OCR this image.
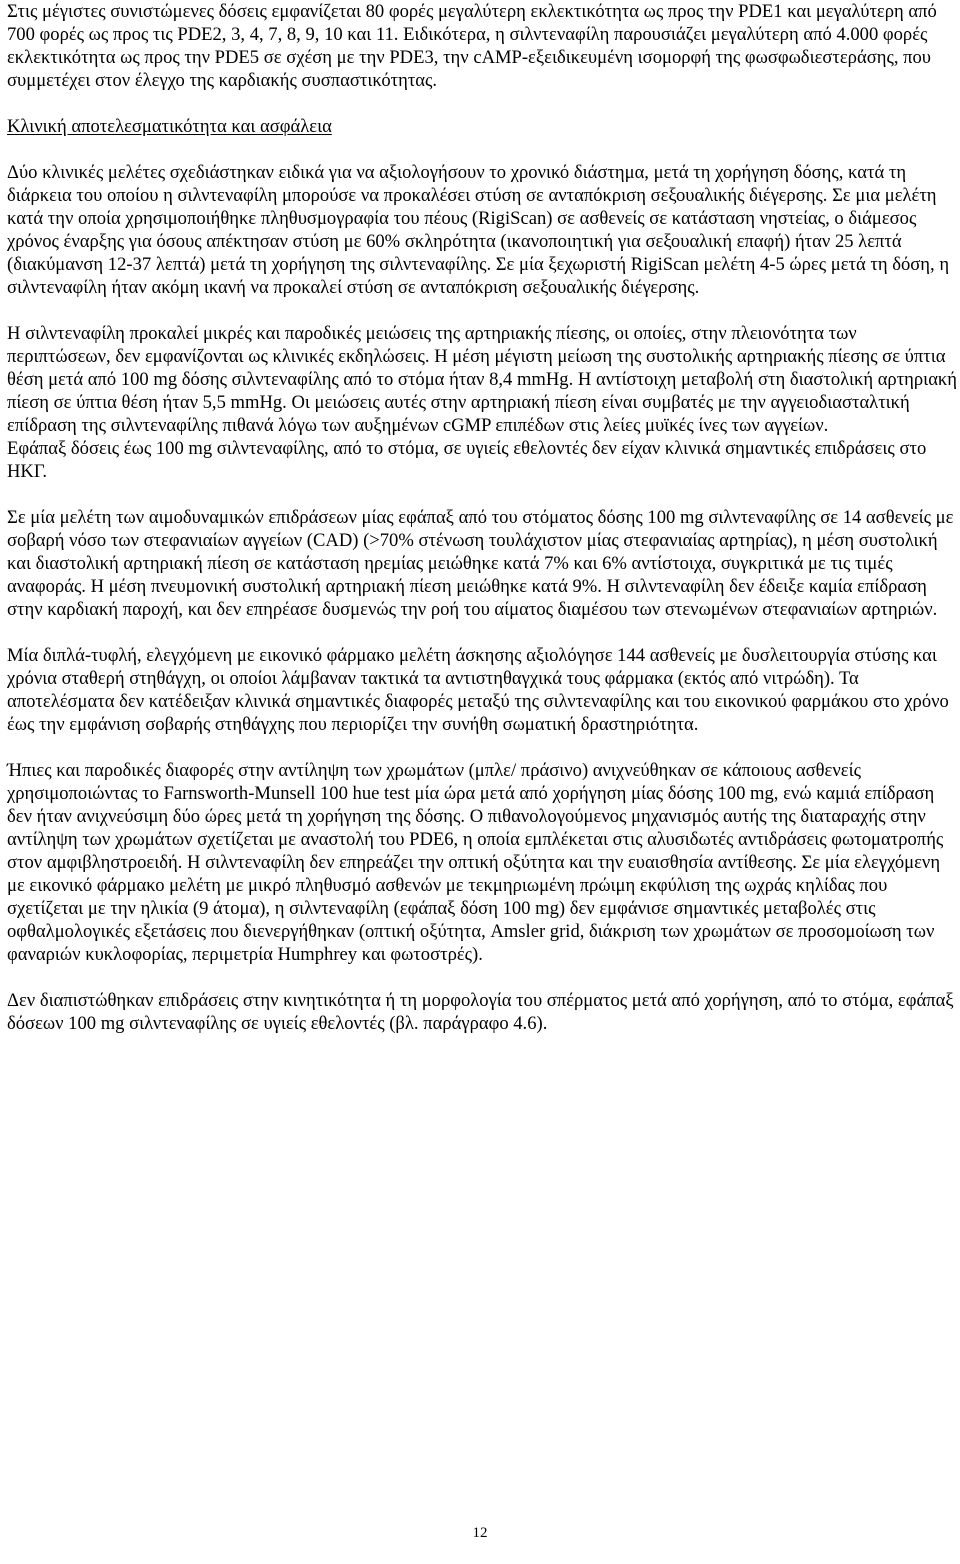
Στις μέγιστες συνιστώμενες δόσεις εμφανίζεται 80 φορές μεγαλύτερη εκλεκτικότητα ως προς την PDE1 και μεγαλύτερη από 700 φορές ως προς τις PDE2, 3, 4, 7, 8, 9, 10 και 11. Ειδικότερα, η σιλντεναφίλη παρουσιάζει μεγαλύτερη από 4.000 φορές εκλεκτικότητα ως προς την PDE5 σε σχέση με την PDE3, την cAMP-εξειδικευμένη ισομορφή της φωσφωδιεστεράσης, που συμμετέχει στον έλεγχο της καρδιακής συσπαστικότητας.

Κλινική αποτελεσματικότητα και ασφάλεια

Δύο κλινικές μελέτες σχεδιάστηκαν ειδικά για να αξιολογήσουν το χρονικό διάστημα, μετά τη χορήγηση δόσης, κατά τη διάρκεια του οποίου η σιλντεναφίλη μπορούσε να προκαλέσει στύση σε ανταπόκριση σεξουαλικής διέγερσης. Σε μια μελέτη κατά την οποία χρησιμοποιήθηκε πληθυσμογραφία του πέους (RigiScan) σε ασθενείς σε κατάσταση νηστείας, ο διάμεσος χρόνος έναρξης για όσους απέκτησαν στύση με 60% σκληρότητα (ικανοποιητική για σεξουαλική επαφή) ήταν 25 λεπτά (διακύμανση 12-37 λεπτά) μετά τη χορήγηση της σιλντεναφίλης. Σε μία ξεχωριστή RigiScan μελέτη 4-5 ώρες μετά τη δόση, η σιλντεναφίλη ήταν ακόμη ικανή να προκαλεί στύση σε ανταπόκριση σεξουαλικής διέγερσης.

Η σιλντεναφίλη προκαλεί μικρές και παροδικές μειώσεις της αρτηριακής πίεσης, οι οποίες, στην πλειονότητα των περιπτώσεων, δεν εμφανίζονται ως κλινικές εκδηλώσεις. Η μέση μέγιστη μείωση της συστολικής αρτηριακής πίεσης σε ύπτια θέση μετά από 100 mg δόσης σιλντεναφίλης από το στόμα ήταν 8,4 mmHg. Η αντίστοιχη μεταβολή στη διαστολική αρτηριακή πίεση σε ύπτια θέση ήταν 5,5 mmHg. Οι μειώσεις αυτές στην αρτηριακή πίεση είναι συμβατές με την αγγειοδιασταλτική επίδραση της σιλντεναφίλης πιθανά λόγω των αυξημένων cGMP επιπέδων στις λείες μυϊκές ίνες των αγγείων.

Εφάπαξ δόσεις έως 100 mg σιλντεναφίλης, από το στόμα, σε υγιείς εθελοντές δεν είχαν κλινικά σημαντικές επιδράσεις στο ΗΚΓ.

Σε μία μελέτη των αιμοδυναμικών επιδράσεων μίας εφάπαξ από του στόματος δόσης 100 mg σιλντεναφίλης σε 14 ασθενείς με σοβαρή νόσο των στεφανιαίων αγγείων (CAD) (>70% στένωση τουλάχιστον μίας στεφανιαίας αρτηρίας), η μέση συστολική και διαστολική αρτηριακή πίεση σε κατάσταση ηρεμίας μειώθηκε κατά 7% και 6% αντίστοιχα, συγκριτικά με τις τιμές αναφοράς. Η μέση πνευμονική συστολική αρτηριακή πίεση μειώθηκε κατά 9%. Η σιλντεναφίλη δεν έδειξε καμία επίδραση στην καρδιακή παροχή, και δεν επηρέασε δυσμενώς την ροή του αίματος διαμέσου των στενωμένων στεφανιαίων αρτηριών.

Μία διπλά-τυφλή, ελεγχόμενη με εικονικό φάρμακο μελέτη άσκησης αξιολόγησε 144 ασθενείς με δυσλειτουργία στύσης και χρόνια σταθερή στηθάγχη, οι οποίοι λάμβαναν τακτικά τα αντιστηθαγχικά τους φάρμακα (εκτός από νιτρώδη). Τα αποτελέσματα δεν κατέδειξαν κλινικά σημαντικές διαφορές μεταξύ της σιλντεναφίλης και του εικονικού φαρμάκου στο χρόνο έως την εμφάνιση σοβαρής στηθάγχης που περιορίζει την συνήθη σωματική δραστηριότητα.

Ήπιες και παροδικές διαφορές στην αντίληψη των χρωμάτων (μπλε/ πράσινο) ανιχνεύθηκαν σε κάποιους ασθενείς χρησιμοποιώντας το Farnsworth-Munsell 100 hue test μία ώρα μετά από χορήγηση μίας δόσης 100 mg, ενώ καμιά επίδραση δεν ήταν ανιχνεύσιμη δύο ώρες μετά τη χορήγηση της δόσης. Ο πιθανολογούμενος μηχανισμός αυτής της διαταραχής στην αντίληψη των χρωμάτων σχετίζεται με αναστολή του PDE6, η οποία εμπλέκεται στις αλυσιδωτές αντιδράσεις φωτοματροπής στον αμφιβληστροειδή. Η σιλντεναφίλη δεν επηρεάζει την οπτική οξύτητα και την ευαισθησία αντίθεσης. Σε μία ελεγχόμενη με εικονικό φάρμακο μελέτη με μικρό πληθυσμό ασθενών με τεκμηριωμένη πρώιμη εκφύλιση της ωχράς κηλίδας που σχετίζεται με την ηλικία (9 άτομα), η σιλντεναφίλη (εφάπαξ δόση 100 mg) δεν εμφάνισε σημαντικές μεταβολές στις οφθαλμολογικές εξετάσεις που διενεργήθηκαν (οπτική οξύτητα, Amsler grid, διάκριση των χρωμάτων σε προσομοίωση των φαναριών κυκλοφορίας, περιμετρία Humphrey και φωτοστρές).

Δεν διαπιστώθηκαν επιδράσεις στην κινητικότητα ή τη μορφολογία του σπέρματος μετά από χορήγηση, από το στόμα, εφάπαξ δόσεων 100 mg σιλντεναφίλης σε υγιείς εθελοντές (βλ. παράγραφο 4.6).

12
